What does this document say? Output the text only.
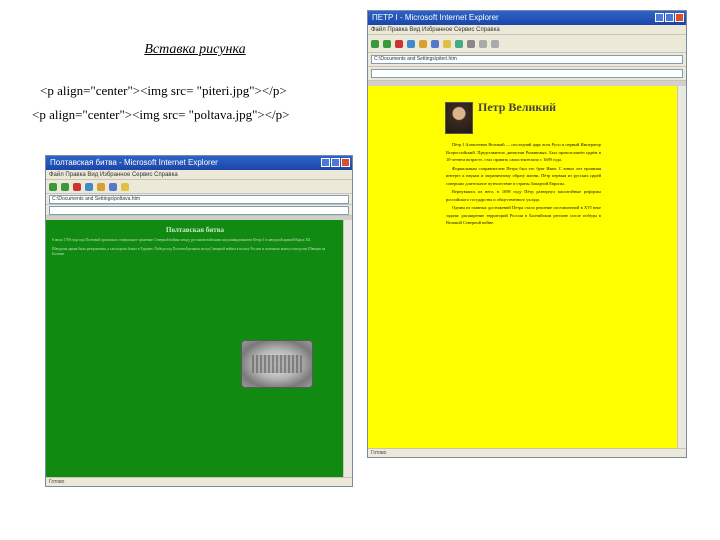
Вставка рисунка
<p align="center"><img src= "piteri.jpg"></p>
<p align="center"><img src= "poltava.jpg"></p>
Полтавская битва - Microsoft Internet Explorer
Файл Правка Вид Избранное Сервис Справка
C:\Documents and Settings\poltava.htm
Полтавская битва
8 июля 1709 года под Полтавой произошло генеральное сражение Северной войны между русскими войсками под командованием Петра I и шведской армией Карла XII.
Шведская армия была разгромлена, а сам король бежал в Турцию. Победа под Полтавой решила исход Северной войны в пользу России и положила конец господству Швеции на Балтике.
Готово
ПЕТР I - Microsoft Internet Explorer
Файл Правка Вид Избранное Сервис Справка
C:\Documents and Settings\piteri.htm
Петр Великий

Пётр I Алексеевич Великий — последний царь всея Руси и первый Император Всероссийский. Представитель династии Романовых. Был провозглашён царём в 10-летнем возрасте, стал править самостоятельно с 1689 года.

Формальным соправителем Петра был его брат Иван. С юных лет проявляя интерес к наукам и заграничному образу жизни, Пётр первым из русских царей совершил длительное путешествие в страны Западной Европы.

Вернувшись из него, в 1698 году Пётр развернул масштабные реформы российского государства и общественного уклада.

Одним из главных достижений Петра стало решение поставленной в XVI веке задачи: расширение территорий России в Балтийском регионе после победы в Великой Северной войне.

Готово
